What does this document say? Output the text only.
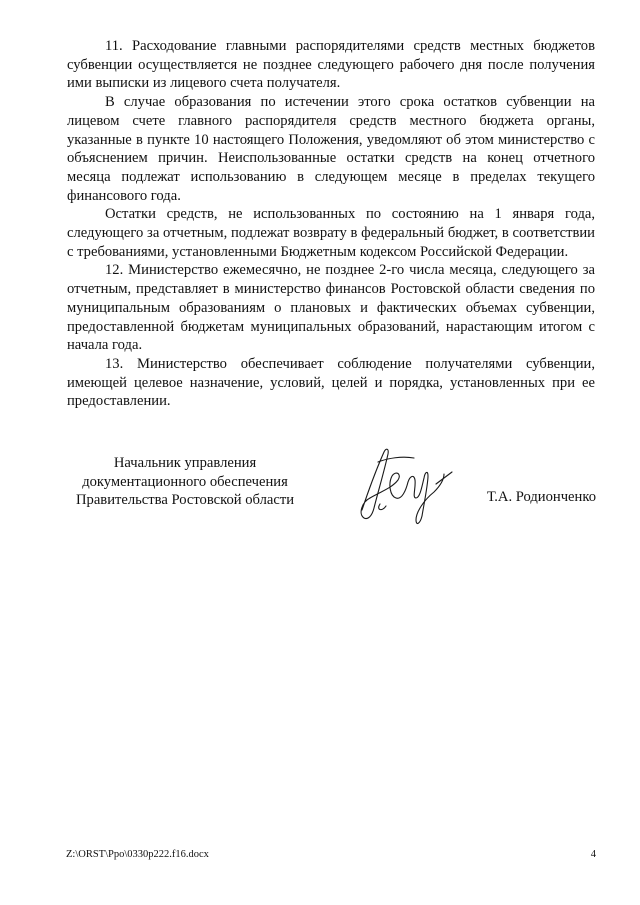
11. Расходование главными распорядителями средств местных бюджетов субвенции осуществляется не позднее следующего рабочего дня после получения ими выписки из лицевого счета получателя.

В случае образования по истечении этого срока остатков субвенции на лицевом счете главного распорядителя средств местного бюджета органы, указанные в пункте 10 настоящего Положения, уведомляют об этом министерство с объяснением причин. Неиспользованные остатки средств на конец отчетного месяца подлежат использованию в следующем месяце в пределах текущего финансового года.

Остатки средств, не использованных по состоянию на 1 января года, следующего за отчетным, подлежат возврату в федеральный бюджет, в соответствии с требованиями, установленными Бюджетным кодексом Российской Федерации.

12. Министерство ежемесячно, не позднее 2-го числа месяца, следующего за отчетным, представляет в министерство финансов Ростовской области сведения по муниципальным образованиям о плановых и фактических объемах субвенции, предоставленной бюджетам муниципальных образований, нарастающим итогом с начала года.

13. Министерство обеспечивает соблюдение получателями субвенции, имеющей целевое назначение, условий, целей и порядка, установленных при ее предоставлении.

Начальник управления
документационного обеспечения
Правительства Ростовской области	Т.А. Родионченко
Z:\ORST\Ppo\0330p222.f16.docx	4
